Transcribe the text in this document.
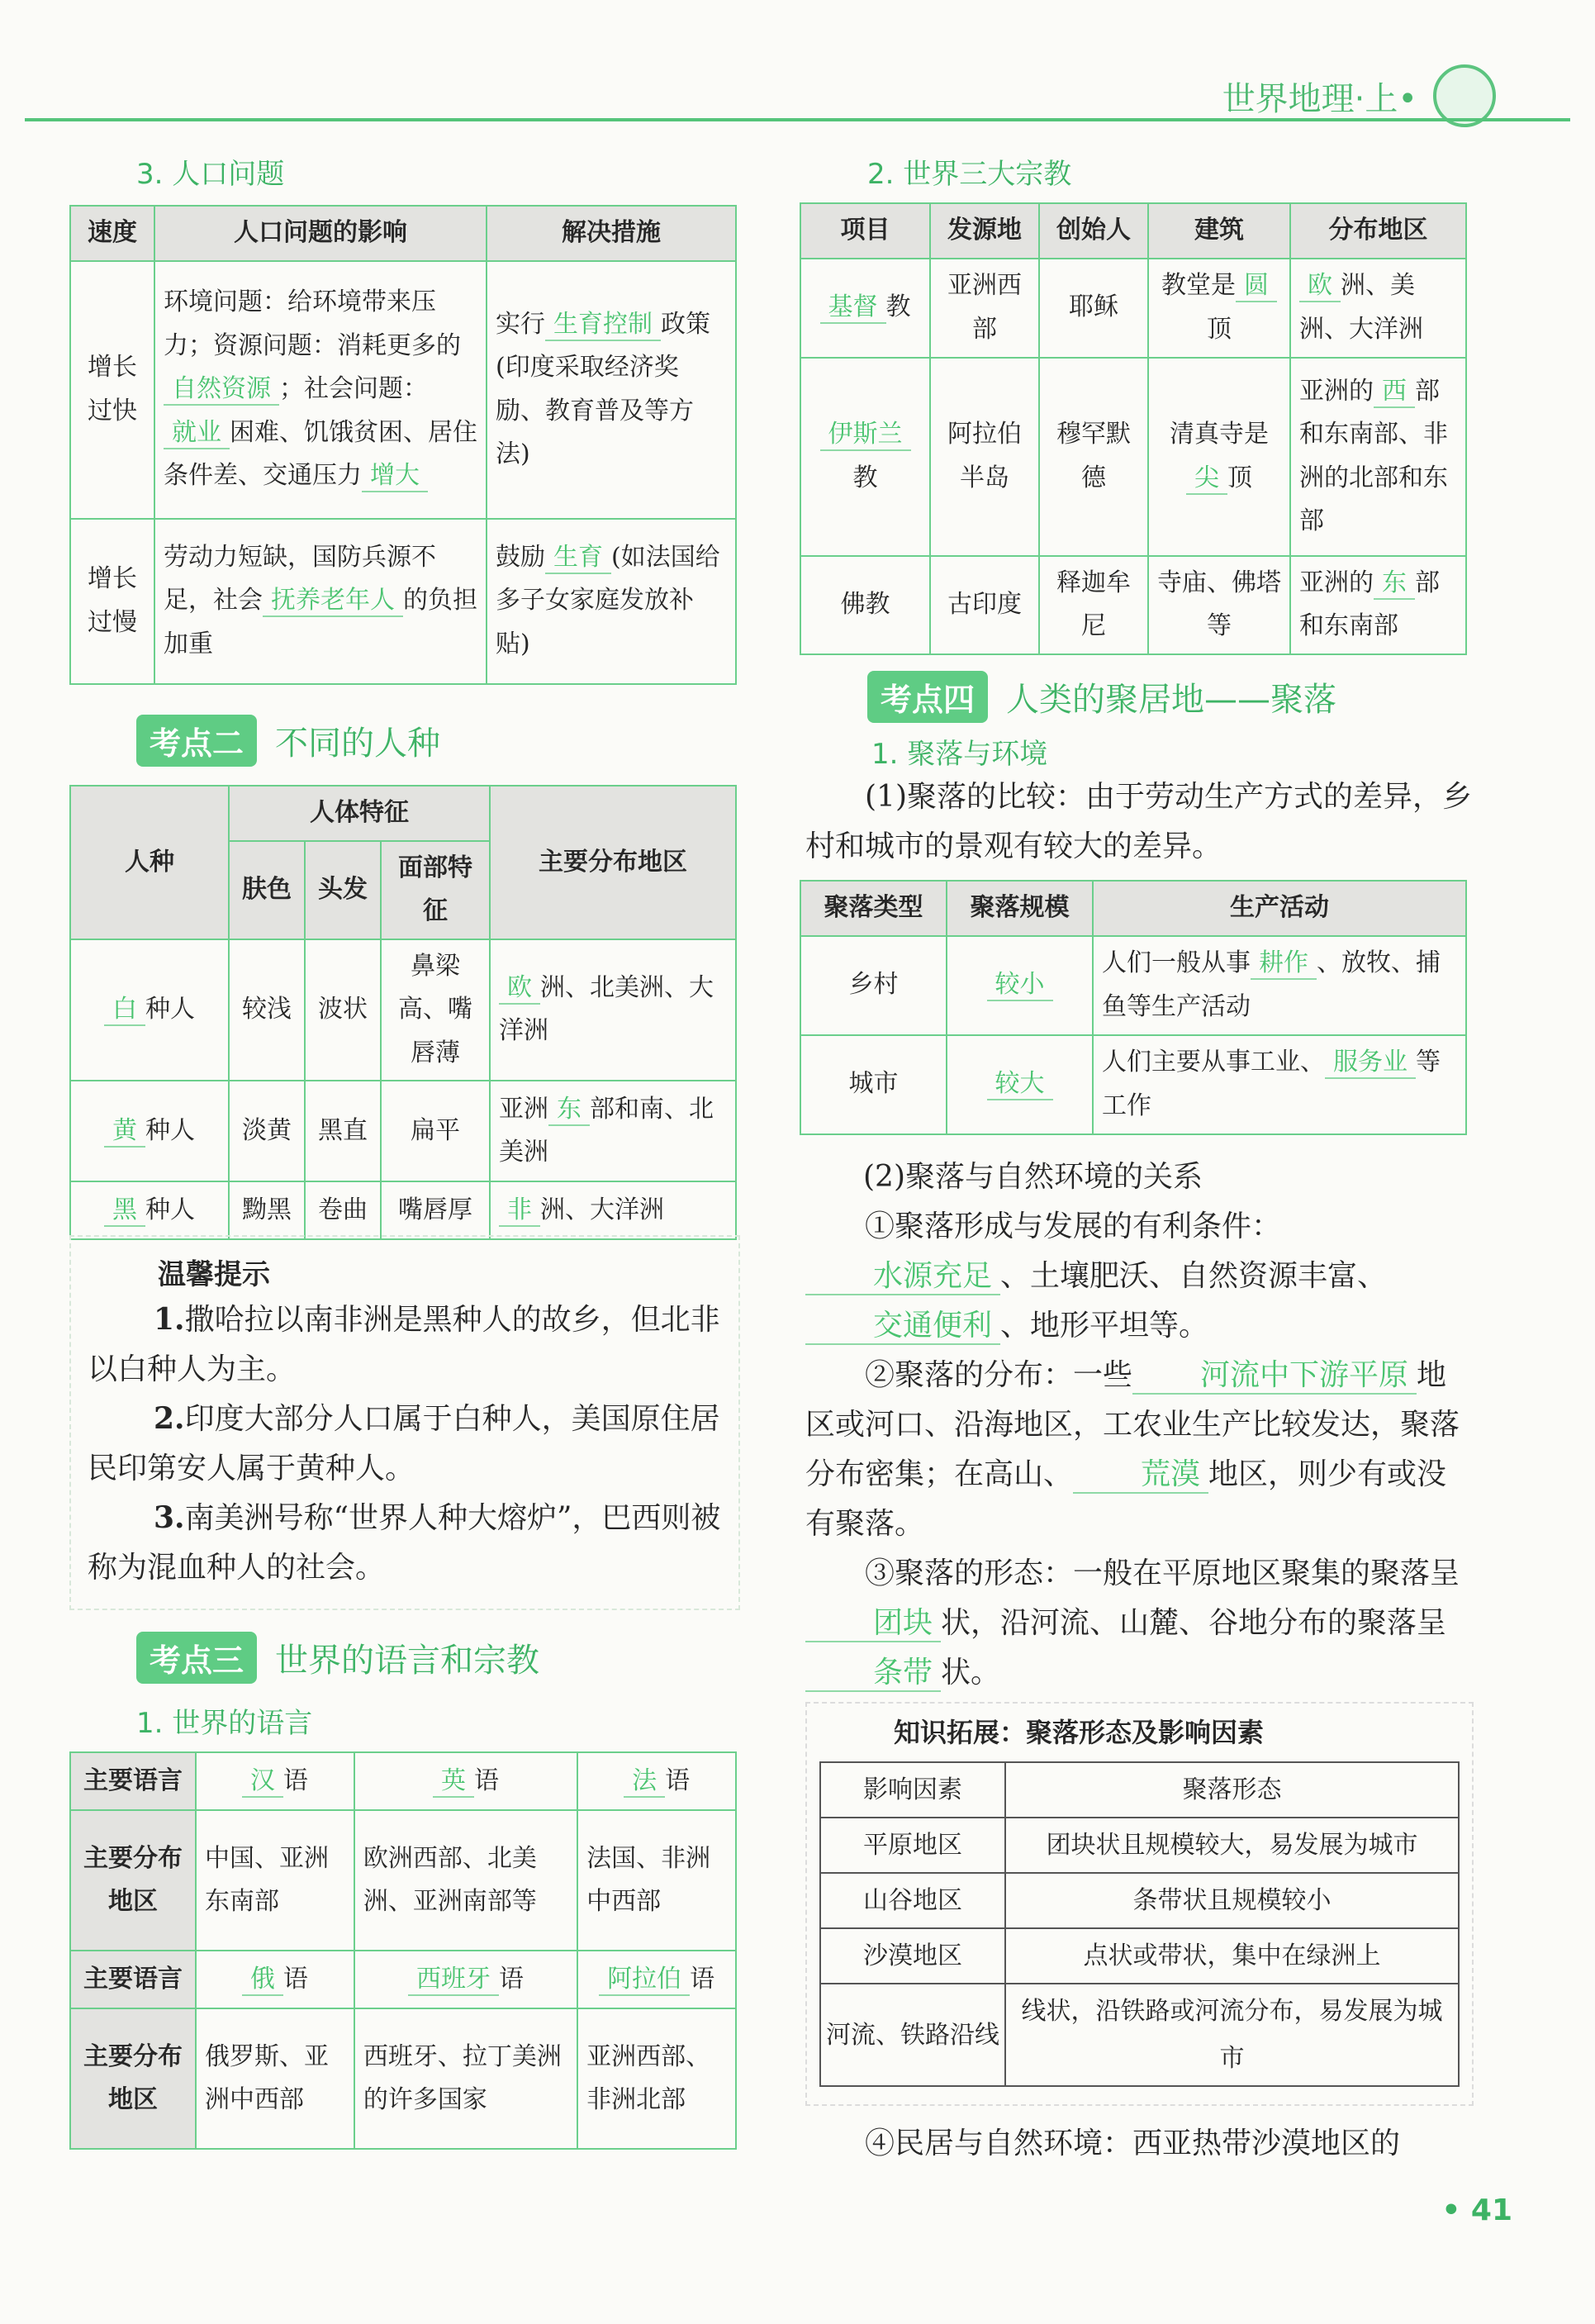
世界地理·上•
3. 人口问题
速度	人口问题的影响	解决措施
增长过快	环境问题：给环境带来压力；资源问题：消耗更多的自然资源 ；社会问题：就业 困难、饥饿贫困、居住条件差、交通压力 增大	实行 生育控制 政策(印度采取经济奖励、教育普及等方法)
增长过慢	劳动力短缺，国防兵源不足，社会 抚养老年人 的负担加重	鼓励 生育 (如法国给多子女家庭发放补贴)
考点二 不同的人种
人种	人体特征			主要分布地区
	肤色	头发	面部特征	
白 种人	较浅	波状	鼻梁高、嘴唇薄	欧 洲、北美洲、大洋洲
黄 种人	淡黄	黑直	扁平	亚洲 东 部和南、北美洲
黑 种人	黝黑	卷曲	嘴唇厚	非 洲、大洋洲
温馨提示
1.撒哈拉以南非洲是黑种人的故乡，但北非以白种人为主。
2.印度大部分人口属于白种人，美国原住居民印第安人属于黄种人。
3.南美洲号称“世界人种大熔炉”，巴西则被称为混血种人的社会。
考点三 世界的语言和宗教
1. 世界的语言
主要语言	汉 语	英 语	法 语
主要分布地区	中国、亚洲东南部	欧洲西部、北美洲、亚洲南部等	法国、非洲中西部
主要语言	俄 语	西班牙 语	阿拉伯 语
主要分布地区	俄罗斯、亚洲中西部	西班牙、拉丁美洲的许多国家	亚洲西部、非洲北部
2. 世界三大宗教
项目	发源地	创始人	建筑	分布地区
基督 教	亚洲西部	耶稣	教堂是 圆顶	欧 洲、美洲、大洋洲
伊斯兰教	阿拉伯半岛	穆罕默德	清真寺是尖 顶	亚洲的 西 部和东南部、非洲的北部和东部
佛教	古印度	释迦牟尼	寺庙、佛塔等	亚洲的 东 部和东南部
考点四 人类的聚居地——聚落
1. 聚落与环境
(1)聚落的比较：由于劳动生产方式的差异，乡村和城市的景观有较大的差异。
聚落类型	聚落规模	生产活动
乡村	较小	人们一般从事 耕作 、放牧、捕鱼等生产活动
城市	较大	人们主要从事工业、 服务业 等工作
(2)聚落与自然环境的关系
①聚落形成与发展的有利条件：水源充足 、土壤肥沃、自然资源丰富、交通便利 、地形平坦等。
②聚落的分布：一些 河流中下游平原 地区或河口、沿海地区，工农业生产比较发达，聚落分布密集；在高山、 荒漠 地区，则少有或没有聚落。
③聚落的形态：一般在平原地区聚集的聚落呈团块 状，沿河流、山麓、谷地分布的聚落呈条带 状。
知识拓展：聚落形态及影响因素
影响因素	聚落形态
平原地区	团块状且规模较大，易发展为城市
山谷地区	条带状且规模较小
沙漠地区	点状或带状，集中在绿洲上
河流、铁路沿线	线状，沿铁路或河流分布，易发展为城市
④民居与自然环境：西亚热带沙漠地区的
• 41
